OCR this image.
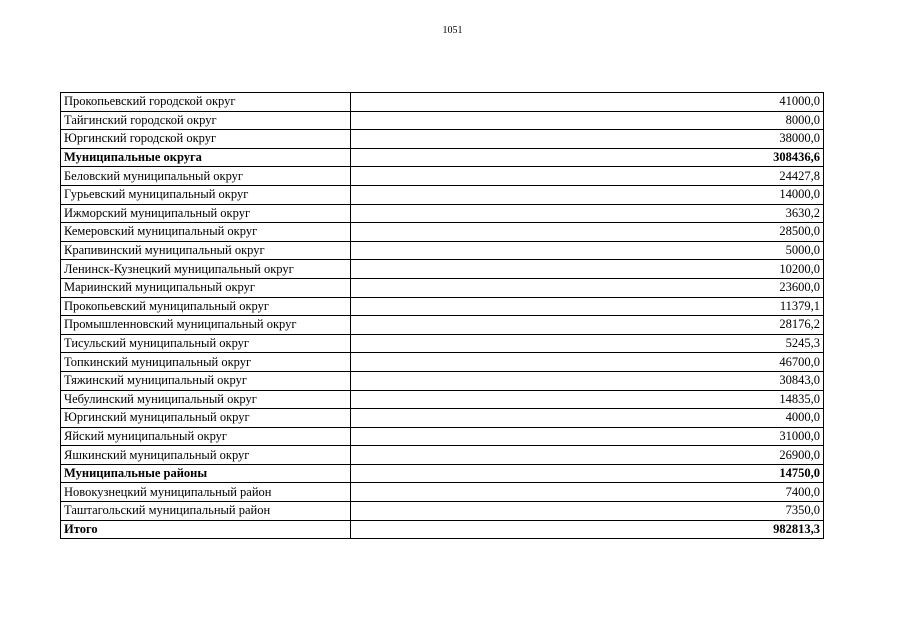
1051
Прокопьевский городской округ	41000,0
Тайгинский городской округ	8000,0
Юргинский городской округ	38000,0
Муниципальные округа	308436,6
Беловский муниципальный округ	24427,8
Гурьевский муниципальный округ	14000,0
Ижморский муниципальный округ	3630,2
Кемеровский муниципальный округ	28500,0
Крапивинский муниципальный округ	5000,0
Ленинск-Кузнецкий муниципальный округ	10200,0
Мариинский муниципальный округ	23600,0
Прокопьевский муниципальный округ	11379,1
Промышленновский муниципальный округ	28176,2
Тисульский муниципальный округ	5245,3
Топкинский муниципальный округ	46700,0
Тяжинский муниципальный округ	30843,0
Чебулинский муниципальный округ	14835,0
Юргинский муниципальный округ	4000,0
Яйский муниципальный округ	31000,0
Яшкинский муниципальный округ	26900,0
Муниципальные районы	14750,0
Новокузнецкий муниципальный район	7400,0
Таштагольский муниципальный район	7350,0
Итого	982813,3
